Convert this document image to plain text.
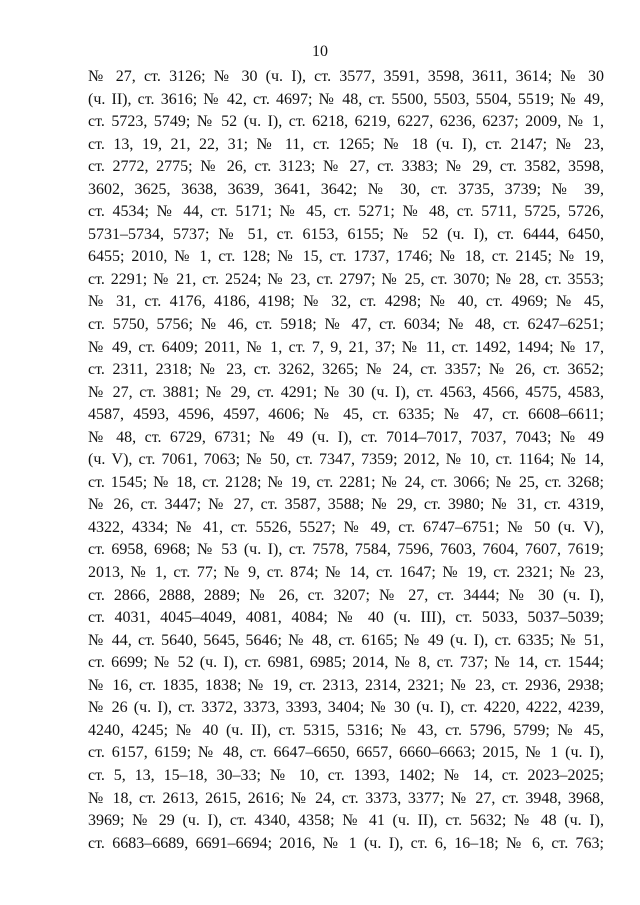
10
№ 27, ст. 3126; № 30 (ч. I), ст. 3577, 3591, 3598, 3611, 3614; № 30
(ч. II), ст. 3616; № 42, ст. 4697; № 48, ст. 5500, 5503, 5504, 5519; № 49,
ст. 5723, 5749; № 52 (ч. I), ст. 6218, 6219, 6227, 6236, 6237; 2009, № 1,
ст. 13, 19, 21, 22, 31; № 11, ст. 1265; № 18 (ч. I), ст. 2147; № 23,
ст. 2772, 2775; № 26, ст. 3123; № 27, ст. 3383; № 29, ст. 3582, 3598,
3602, 3625, 3638, 3639, 3641, 3642; № 30, ст. 3735, 3739; № 39,
ст. 4534; № 44, ст. 5171; № 45, ст. 5271; № 48, ст. 5711, 5725, 5726,
5731–5734, 5737; № 51, ст. 6153, 6155; № 52 (ч. I), ст. 6444, 6450,
6455; 2010, № 1, ст. 128; № 15, ст. 1737, 1746; № 18, ст. 2145; № 19,
ст. 2291; № 21, ст. 2524; № 23, ст. 2797; № 25, ст. 3070; № 28, ст. 3553;
№ 31, ст. 4176, 4186, 4198; № 32, ст. 4298; № 40, ст. 4969; № 45,
ст. 5750, 5756; № 46, ст. 5918; № 47, ст. 6034; № 48, ст. 6247–6251;
№ 49, ст. 6409; 2011, № 1, ст. 7, 9, 21, 37; № 11, ст. 1492, 1494; № 17,
ст. 2311, 2318; № 23, ст. 3262, 3265; № 24, ст. 3357; № 26, ст. 3652;
№ 27, ст. 3881; № 29, ст. 4291; № 30 (ч. I), ст. 4563, 4566, 4575, 4583,
4587, 4593, 4596, 4597, 4606; № 45, ст. 6335; № 47, ст. 6608–6611;
№ 48, ст. 6729, 6731; № 49 (ч. I), ст. 7014–7017, 7037, 7043; № 49
(ч. V), ст. 7061, 7063; № 50, ст. 7347, 7359; 2012, № 10, ст. 1164; № 14,
ст. 1545; № 18, ст. 2128; № 19, ст. 2281; № 24, ст. 3066; № 25, ст. 3268;
№ 26, ст. 3447; № 27, ст. 3587, 3588; № 29, ст. 3980; № 31, ст. 4319,
4322, 4334; № 41, ст. 5526, 5527; № 49, ст. 6747–6751; № 50 (ч. V),
ст. 6958, 6968; № 53 (ч. I), ст. 7578, 7584, 7596, 7603, 7604, 7607, 7619;
2013, № 1, ст. 77; № 9, ст. 874; № 14, ст. 1647; № 19, ст. 2321; № 23,
ст. 2866, 2888, 2889; № 26, ст. 3207; № 27, ст. 3444; № 30 (ч. I),
ст. 4031, 4045–4049, 4081, 4084; № 40 (ч. III), ст. 5033, 5037–5039;
№ 44, ст. 5640, 5645, 5646; № 48, ст. 6165; № 49 (ч. I), ст. 6335; № 51,
ст. 6699; № 52 (ч. I), ст. 6981, 6985; 2014, № 8, ст. 737; № 14, ст. 1544;
№ 16, ст. 1835, 1838; № 19, ст. 2313, 2314, 2321; № 23, ст. 2936, 2938;
№ 26 (ч. I), ст. 3372, 3373, 3393, 3404; № 30 (ч. I), ст. 4220, 4222, 4239,
4240, 4245; № 40 (ч. II), ст. 5315, 5316; № 43, ст. 5796, 5799; № 45,
ст. 6157, 6159; № 48, ст. 6647–6650, 6657, 6660–6663; 2015, № 1 (ч. I),
ст. 5, 13, 15–18, 30–33; № 10, ст. 1393, 1402; № 14, ст. 2023–2025;
№ 18, ст. 2613, 2615, 2616; № 24, ст. 3373, 3377; № 27, ст. 3948, 3968,
3969; № 29 (ч. I), ст. 4340, 4358; № 41 (ч. II), ст. 5632; № 48 (ч. I),
ст. 6683–6689, 6691–6694; 2016, № 1 (ч. I), ст. 6, 16–18; № 6, ст. 763;
